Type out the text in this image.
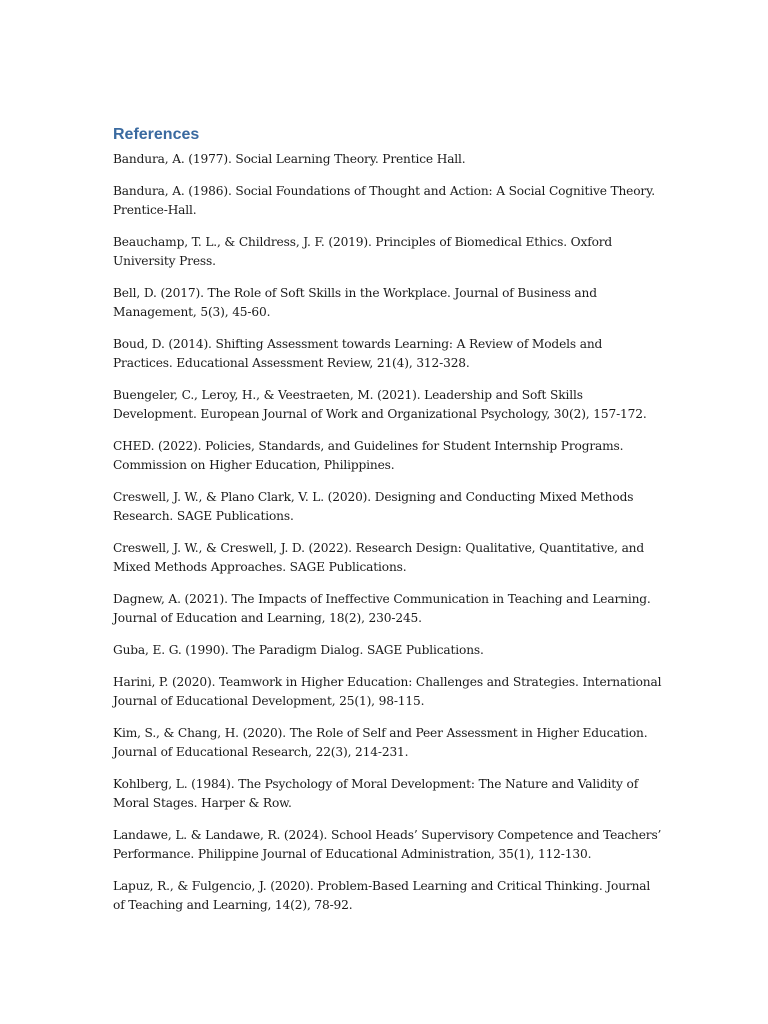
References
Bandura, A. (1977). Social Learning Theory. Prentice Hall.
Bandura, A. (1986). Social Foundations of Thought and Action: A Social Cognitive Theory. Prentice-Hall.
Beauchamp, T. L., & Childress, J. F. (2019). Principles of Biomedical Ethics. Oxford University Press.
Bell, D. (2017). The Role of Soft Skills in the Workplace. Journal of Business and Management, 5(3), 45-60.
Boud, D. (2014). Shifting Assessment towards Learning: A Review of Models and Practices. Educational Assessment Review, 21(4), 312-328.
Buengeler, C., Leroy, H., & Veestraeten, M. (2021). Leadership and Soft Skills Development. European Journal of Work and Organizational Psychology, 30(2), 157-172.
CHED. (2022). Policies, Standards, and Guidelines for Student Internship Programs. Commission on Higher Education, Philippines.
Creswell, J. W., & Plano Clark, V. L. (2020). Designing and Conducting Mixed Methods Research. SAGE Publications.
Creswell, J. W., & Creswell, J. D. (2022). Research Design: Qualitative, Quantitative, and Mixed Methods Approaches. SAGE Publications.
Dagnew, A. (2021). The Impacts of Ineffective Communication in Teaching and Learning. Journal of Education and Learning, 18(2), 230-245.
Guba, E. G. (1990). The Paradigm Dialog. SAGE Publications.
Harini, P. (2020). Teamwork in Higher Education: Challenges and Strategies. International Journal of Educational Development, 25(1), 98-115.
Kim, S., & Chang, H. (2020). The Role of Self and Peer Assessment in Higher Education. Journal of Educational Research, 22(3), 214-231.
Kohlberg, L. (1984). The Psychology of Moral Development: The Nature and Validity of Moral Stages. Harper & Row.
Landawe, L. & Landawe, R. (2024). School Heads’ Supervisory Competence and Teachers’ Performance. Philippine Journal of Educational Administration, 35(1), 112-130.
Lapuz, R., & Fulgencio, J. (2020). Problem-Based Learning and Critical Thinking. Journal of Teaching and Learning, 14(2), 78-92.
